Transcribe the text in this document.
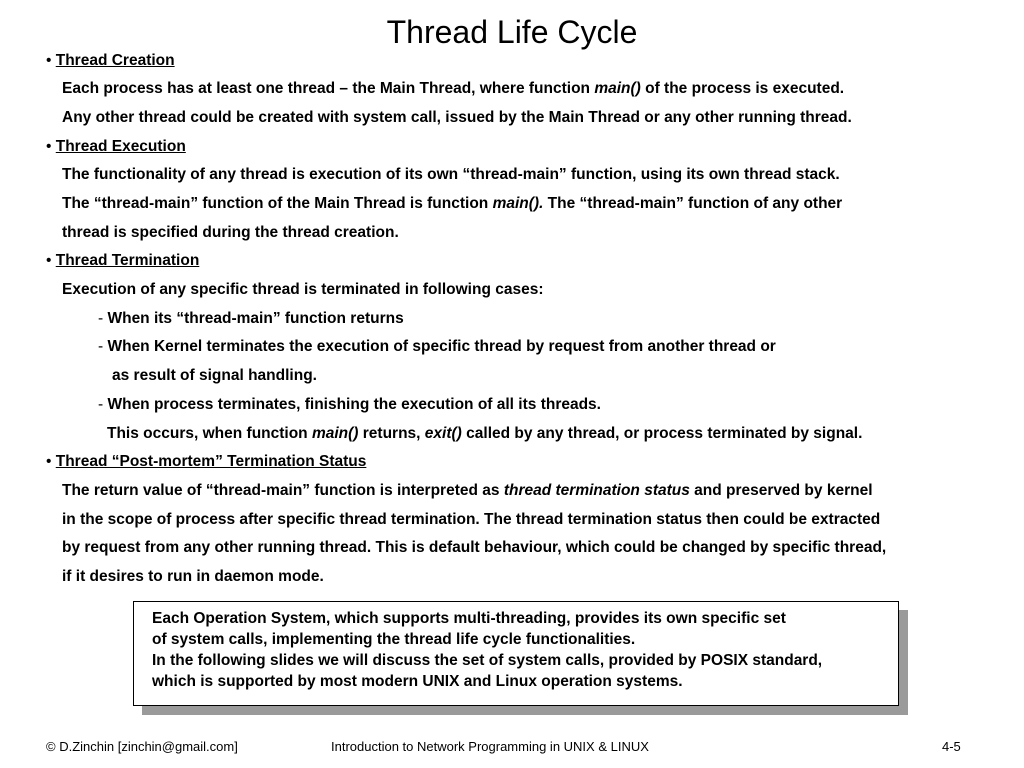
Thread Life Cycle
• Thread Creation
Each process has at least one thread – the Main Thread, where function main() of the process is executed.
Any other thread could be created with system call, issued by the Main Thread or any other running thread.
• Thread Execution
The functionality of any thread is execution of its own “thread-main” function, using its own thread stack.
The “thread-main” function of the Main Thread is function main(). The “thread-main” function of any other
thread is specified during the thread creation.
• Thread Termination
Execution of any specific thread is terminated in following cases:
- When its “thread-main” function returns
- When Kernel terminates the execution of specific thread by request from another thread or
as result of signal handling.
- When process terminates, finishing the execution of all its threads.
This occurs, when function main() returns, exit() called by any thread, or process terminated by signal.
• Thread “Post-mortem” Termination Status
The return value of “thread-main” function is interpreted as thread termination status and preserved by kernel
in the scope of process after specific thread termination. The thread termination status then could be extracted
by request from any other running thread. This is default behaviour, which could be changed by specific thread,
if it desires to run in daemon mode.
Each Operation System, which supports multi-threading, provides its own specific set
of system calls, implementing the thread life cycle functionalities.
In the following slides we will discuss the set of system calls, provided by POSIX standard,
which is supported by most modern UNIX and Linux operation systems.
© D.Zinchin [zinchin@gmail.com]	Introduction to Network Programming in UNIX & LINUX	4-5
